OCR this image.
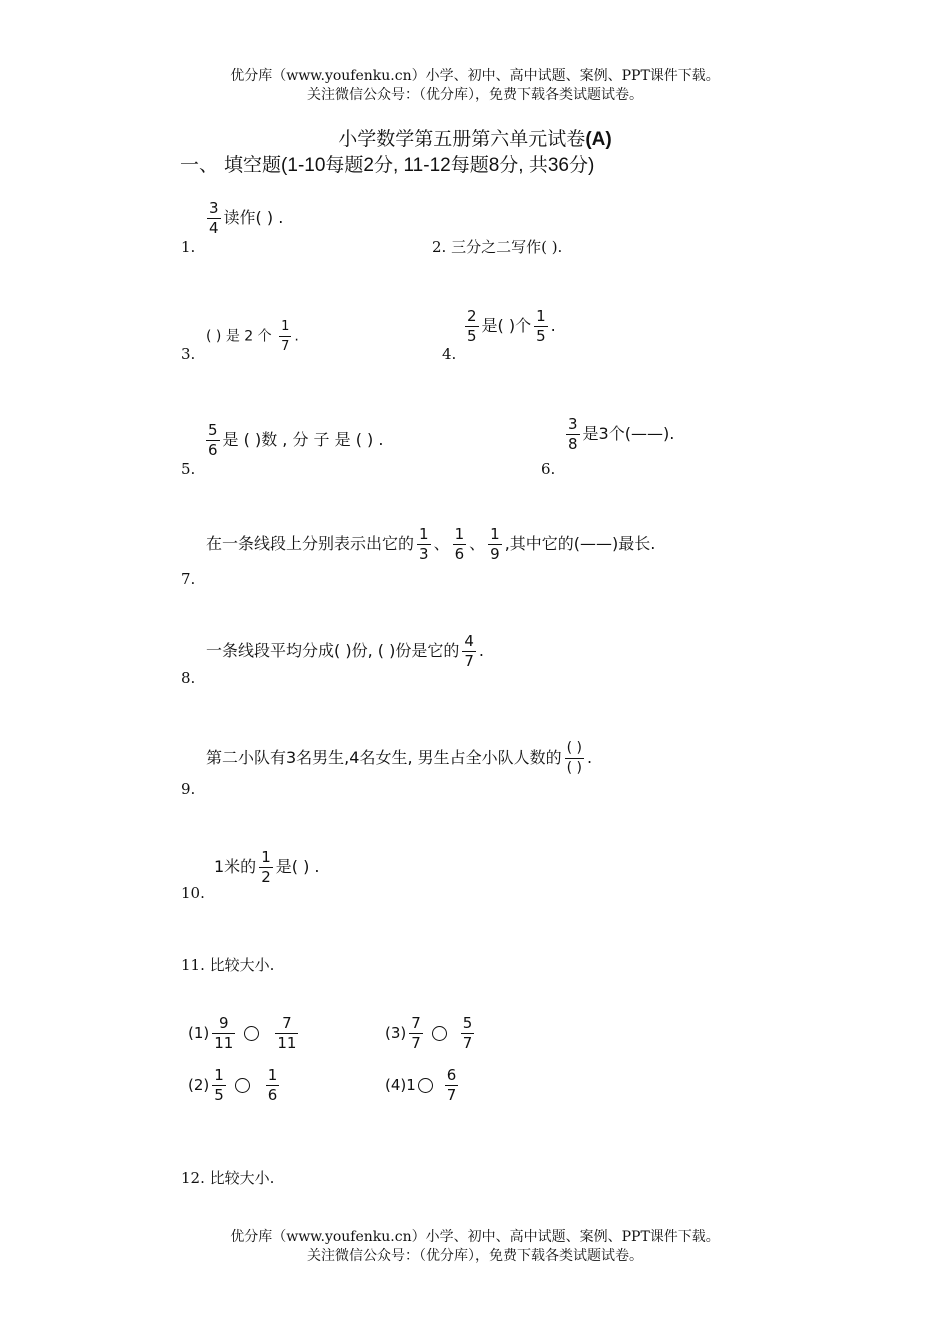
优分库（www.youfenku.cn）小学、初中、高中试题、案例、PPT课件下载。
关注微信公众号：（优分库），免费下载各类试题试卷。
小学数学第五册第六单元试卷(A)
一、 填空题(1-10每题2分, 11-12每题8分, 共36分)
1.
$\frac{3}{4}$ 读作( ) .
2. 三分之二写作( ).
3.
( ) 是 2 个 $\frac{1}{7}$ .
4.
$\frac{2}{5}$ 是( )个 $\frac{1}{5}$ .
5.
$\frac{5}{6}$ 是 ( )数 , 分 子 是 ( ) .
6.
$\frac{3}{8}$ 是3个(——).
7.
在一条线段上分别表示出它的 $\frac{1}{3}$ 、 $\frac{1}{6}$ 、 $\frac{1}{9}$ ,其中它的(——)最长.
8.
一条线段平均分成( )份, ( )份是它的 $\frac{4}{7}$ .
9.
第二小队有3名男生,4名女生, 男生占全小队人数的 $\frac{( )}{( )}$ .
10.
1米的 $\frac{1}{2}$ 是( ) .
11. 比较大小.
$(1) \frac{9}{11}$	$\frac{7}{11}$
$(2) \frac{1}{5}$	$\frac{1}{6}$
$(3) \frac{7}{7}$	$\frac{5}{7}$
$(4)1 \frac{6}{7}$
12. 比较大小.
优分库（www.youfenku.cn）小学、初中、高中试题、案例、PPT课件下载。
关注微信公众号：（优分库），免费下载各类试题试卷。
